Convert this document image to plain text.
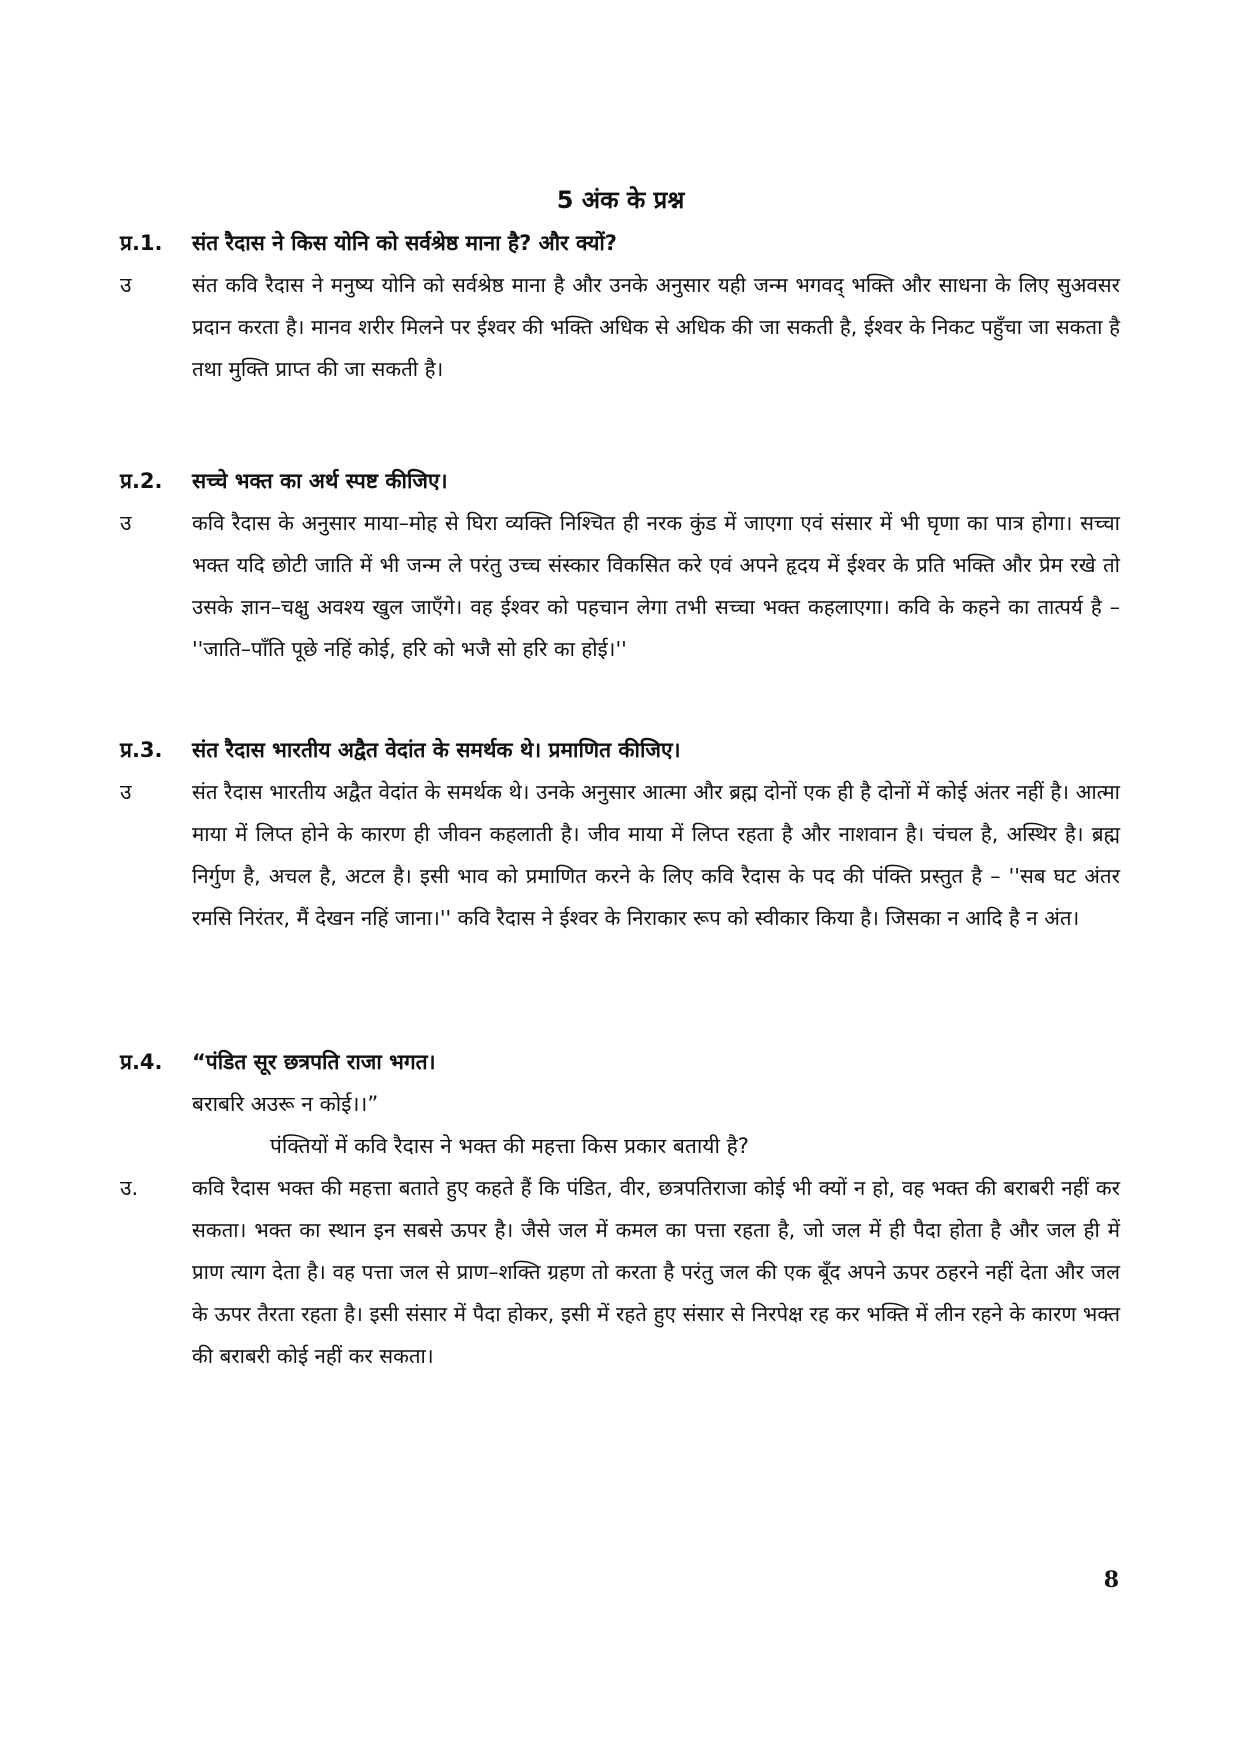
5 अंक के प्रश्न
प्र.1.	संत रैदास ने किस योनि को सर्वश्रेष्ठ माना है? और क्यों?
उ	संत कवि रैदास ने मनुष्य योनि को सर्वश्रेष्ठ माना है और उनके अनुसार यही जन्म भगवद् भक्ति और साधना के लिए सुअवसर प्रदान करता है। मानव शरीर मिलने पर ईश्वर की भक्ति अधिक से अधिक की जा सकती है, ईश्वर के निकट पहुँचा जा सकता है तथा मुक्ति प्राप्त की जा सकती है।
प्र.2.	सच्चे भक्त का अर्थ स्पष्ट कीजिए।
उ	कवि रैदास के अनुसार माया–मोह से घिरा व्यक्ति निश्चित ही नरक कुंड में जाएगा एवं संसार में भी घृणा का पात्र होगा। सच्चा भक्त यदि छोटी जाति में भी जन्म ले परंतु उच्च संस्कार विकसित करे एवं अपने हृदय में ईश्वर के प्रति भक्ति और प्रेम रखे तो उसके ज्ञान–चक्षु अवश्य खुल जाएँगे। वह ईश्वर को पहचान लेगा तभी सच्चा भक्त कहलाएगा। कवि के कहने का तात्पर्य है – ''जाति–पाँति पूछे नहिं कोई, हरि को भजै सो हरि का होई।''
प्र.3.	संत रैदास भारतीय अद्वैत वेदांत के समर्थक थे। प्रमाणित कीजिए।
उ	संत रैदास भारतीय अद्वैत वेदांत के समर्थक थे। उनके अनुसार आत्मा और ब्रह्म दोनों एक ही है दोनों में कोई अंतर नहीं है। आत्मा माया में लिप्त होने के कारण ही जीवन कहलाती है। जीव माया में लिप्त रहता है और नाशवान है। चंचल है, अस्थिर है। ब्रह्म निर्गुण है, अचल है, अटल है। इसी भाव को प्रमाणित करने के लिए कवि रैदास के पद की पंक्ति प्रस्तुत है – ''सब घट अंतर रमसि निरंतर, मैं देखन नहिं जाना।'' कवि रैदास ने ईश्वर के निराकार रूप को स्वीकार किया है। जिसका न आदि है न अंत।
प्र.4.	“पंडित सूर छत्रपति राजा भगत।
बराबरि अउरू न कोई।।”
पंक्तियों में कवि रैदास ने भक्त की महत्ता किस प्रकार बतायी है?
उ.	कवि रैदास भक्त की महत्ता बताते हुए कहते हैं कि पंडित, वीर, छत्रपतिराजा कोई भी क्यों न हो, वह भक्त की बराबरी नहीं कर सकता। भक्त का स्थान इन सबसे ऊपर है। जैसे जल में कमल का पत्ता रहता है, जो जल में ही पैदा होता है और जल ही में प्राण त्याग देता है। वह पत्ता जल से प्राण–शक्ति ग्रहण तो करता है परंतु जल की एक बूँद अपने ऊपर ठहरने नहीं देता और जल के ऊपर तैरता रहता है। इसी संसार में पैदा होकर, इसी में रहते हुए संसार से निरपेक्ष रह कर भक्ति में लीन रहने के कारण भक्त की बराबरी कोई नहीं कर सकता।
8
